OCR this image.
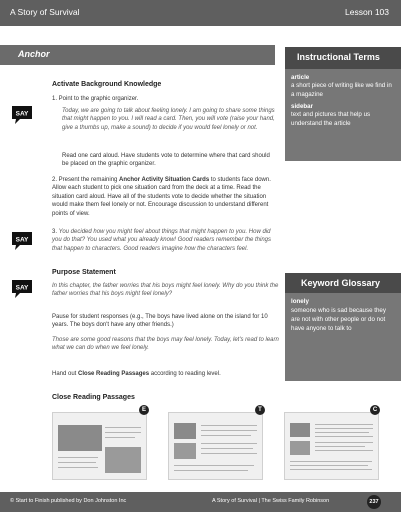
A Story of Survival	Lesson 103
Anchor	Instructional Terms
article
a short piece of writing like we find in a magazine
sidebar
text and pictures that help us understand the article
Keyword Glossary
lonely
someone who is sad because they are not with other people or do not have anyone to talk to
SAY
SAY
SAY
Activate Background Knowledge
1. Point to the graphic organizer.
Today, we are going to talk about feeling lonely. I am going to share some things that might happen to you. I will read a card. Then, you will vote (raise your hand, give a thumbs up, make a sound) to decide if you would feel lonely or not.
Read one card aloud. Have students vote to determine where that card should be placed on the graphic organizer.
2. Present the remaining Anchor Activity Situation Cards to students face down. Allow each student to pick one situation card from the deck at a time. Read the situation card aloud. Have all of the students vote to decide whether the situation would make them feel lonely or not. Encourage discussion to understand different points of view.
3. You decided how you might feel about things that might happen to you. How did you do that? You used what you already know! Good readers remember the things that happen to characters. Good readers imagine how the characters feel.
Purpose Statement
In this chapter, the father worries that his boys might feel lonely. Why do you think the father worries that his boys might feel lonely?
Pause for student responses (e.g., The boys have lived alone on the island for 10 years. The boys don't have any other friends.)
Those are some good reasons that the boys may feel lonely. Today, let's read to learn what we can do when we feel lonely.
Hand out Close Reading Passages according to reading level.
Close Reading Passages
E	T	C
© Start to Finish published by Don Johnston Inc	A Story of Survival | The Swiss Family Robinson	237
